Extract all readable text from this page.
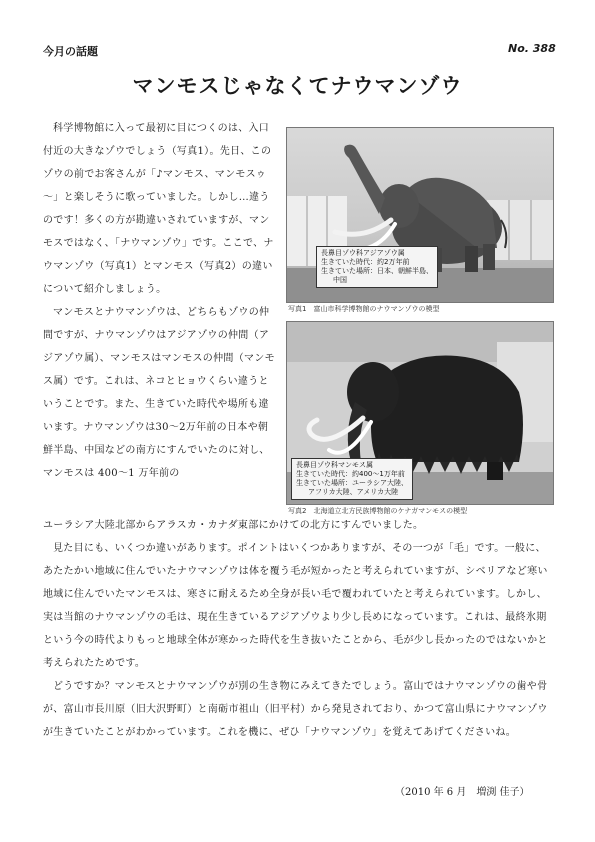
今月の話題	No. 388
マンモスじゃなくてナウマンゾウ

科学博物館に入って最初に目につくのは、入口付近の大きなゾウでしょう（写真1）。先日、このゾウの前でお客さんが「♪マンモス、マンモスゥ～」と楽しそうに歌っていました。しかし…違うのです！多くの方が勘違いされていますが、マンモスではなく、「ナウマンゾウ」です。ここで、ナウマンゾウ（写真1）とマンモス（写真2）の違いについて紹介しましょう。

マンモスとナウマンゾウは、どちらもゾウの仲間ですが、ナウマンゾウはアジアゾウの仲間（アジアゾウ属）、マンモスはマンモスの仲間（マンモス属）です。これは、ネコとヒョウくらい違うということです。また、生きていた時代や場所も違います。ナウマンゾウは30～2万年前の日本や朝鮮半島、中国などの南方にすんでいたのに対し、マンモスは 400～1 万年前の

長鼻目ゾウ科アジアゾウ属
生きていた時代：約2万年前
生きていた場所：日本、朝鮮半島、
中国
写真1　富山市科学博物館のナウマンゾウの模型
長鼻目ゾウ科マンモス属
生きていた時代：約400～1万年前
生きていた場所：ユーラシア大陸、
アフリカ大陸、アメリカ大陸
写真2　北海道立北方民族博物館のケナガマンモスの模型

ユーラシア大陸北部からアラスカ・カナダ東部にかけての北方にすんでいました。

見た目にも、いくつか違いがあります。ポイントはいくつかありますが、その一つが「毛」です。一般に、あたたかい地域に住んでいたナウマンゾウは体を覆う毛が短かったと考えられていますが、シベリアなど寒い地域に住んでいたマンモスは、寒さに耐えるため全身が長い毛で覆われていたと考えられています。しかし、実は当館のナウマンゾウの毛は、現在生きているアジアゾウより少し長めになっています。これは、最終氷期という今の時代よりもっと地球全体が寒かった時代を生き抜いたことから、毛が少し長かったのではないかと考えられたためです。

どうですか？マンモスとナウマンゾウが別の生き物にみえてきたでしょう。富山ではナウマンゾウの歯や骨が、富山市長川原（旧大沢野町）と南砺市祖山（旧平村）から発見されており、かつて富山県にナウマンゾウが生きていたことがわかっています。これを機に、ぜひ「ナウマンゾウ」を覚えてあげてくださいね。

（2010 年 6 月　増渕 佳子）
